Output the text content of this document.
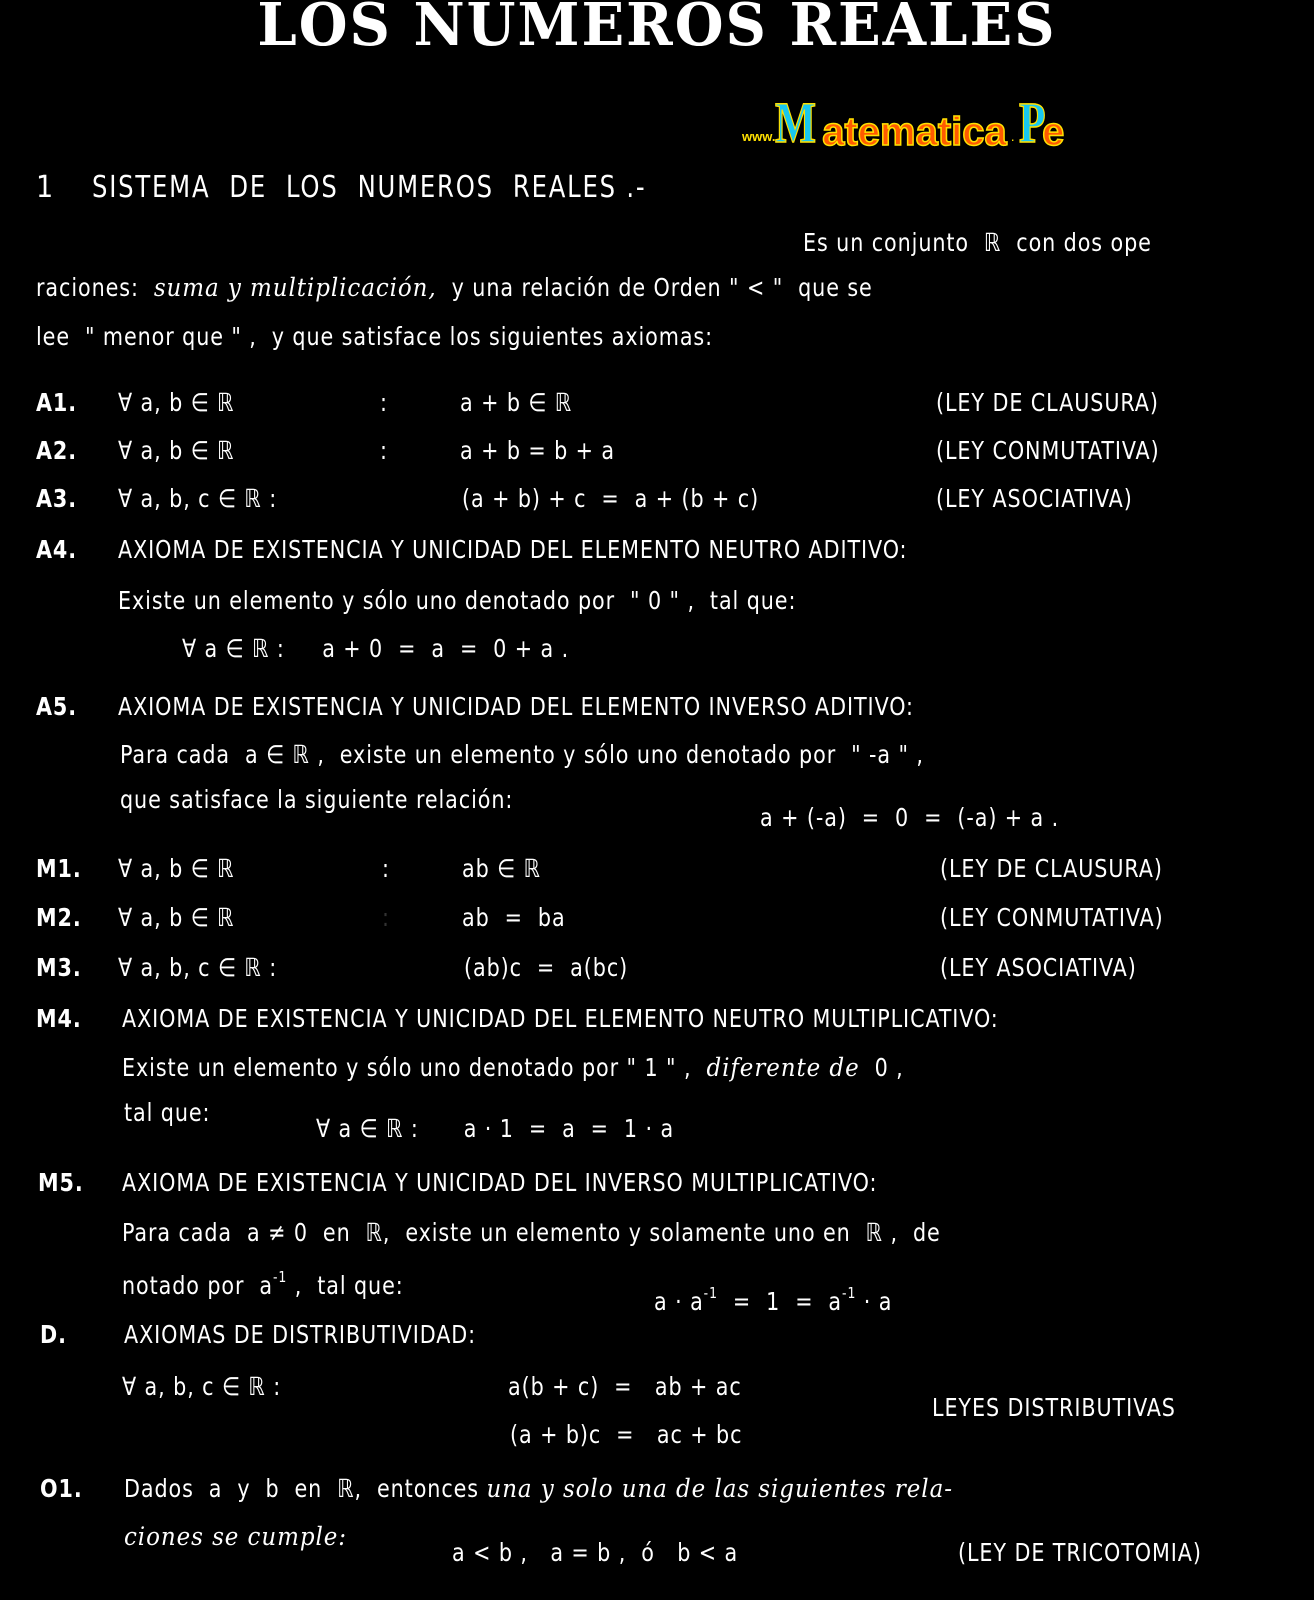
LOS NUMEROS REALES
www. M atematica . P
e
1 SISTEMA  DE  LOS  NUMEROS  REALES .-
Es un conjunto  ℝ  con dos ope
raciones:  suma y multiplicación,  y una relación de Orden " < "  que se
lee  " menor que " ,  y que satisface los siguientes axiomas:
A1. ∀ a, b ∈ ℝ	:	a + b ∈ ℝ	(LEY DE CLAUSURA)
A2. ∀ a, b ∈ ℝ	:	a + b = b + a	(LEY CONMUTATIVA)
A3. ∀ a, b, c ∈ ℝ :	(a + b) + c  =  a + (b + c)	(LEY ASOCIATIVA)
A4. AXIOMA DE EXISTENCIA Y UNICIDAD DEL ELEMENTO NEUTRO ADITIVO:
Existe un elemento y sólo uno denotado por  " 0 " ,  tal que:
∀ a ∈ ℝ :     a + 0  =  a  =  0 + a .
A5. AXIOMA DE EXISTENCIA Y UNICIDAD DEL ELEMENTO INVERSO ADITIVO:
Para cada  a ∈ ℝ ,  existe un elemento y sólo uno denotado por  " -a " ,
que satisface la siguiente relación:
a + (-a)  =  0  =  (-a) + a .
M1. ∀ a, b ∈ ℝ	:	ab ∈ ℝ	(LEY DE CLAUSURA)
M2. ∀ a, b ∈ ℝ	:	ab  =  ba	(LEY CONMUTATIVA)
M3. ∀ a, b, c ∈ ℝ :	(ab)c  =  a(bc)	(LEY ASOCIATIVA)
M4. AXIOMA DE EXISTENCIA Y UNICIDAD DEL ELEMENTO NEUTRO MULTIPLICATIVO:
Existe un elemento y sólo uno denotado por " 1 " ,  diferente de  0 ,
tal que:
∀ a ∈ ℝ :      a · 1  =  a  =  1 · a
M5. AXIOMA DE EXISTENCIA Y UNICIDAD DEL INVERSO MULTIPLICATIVO:
Para cada  a ≠ 0  en  ℝ,  existe un elemento y solamente uno en  ℝ ,  de
notado por  $a^{-1}$ ,  tal que:
$a \cdot a^{-1} = 1 = a^{-1} \cdot a$
D. AXIOMAS DE DISTRIBUTIVIDAD:
∀ a, b, c ∈ ℝ :	a(b + c)  =   ab + ac
(a + b)c  =   ac + bc
LEYES DISTRIBUTIVAS
O1. Dados  a  y  b  en  ℝ,  entonces una y solo una de las siguientes rela-
ciones se cumple:
a < b ,   a = b ,  ó   b < a	(LEY DE TRICOTOMIA)
